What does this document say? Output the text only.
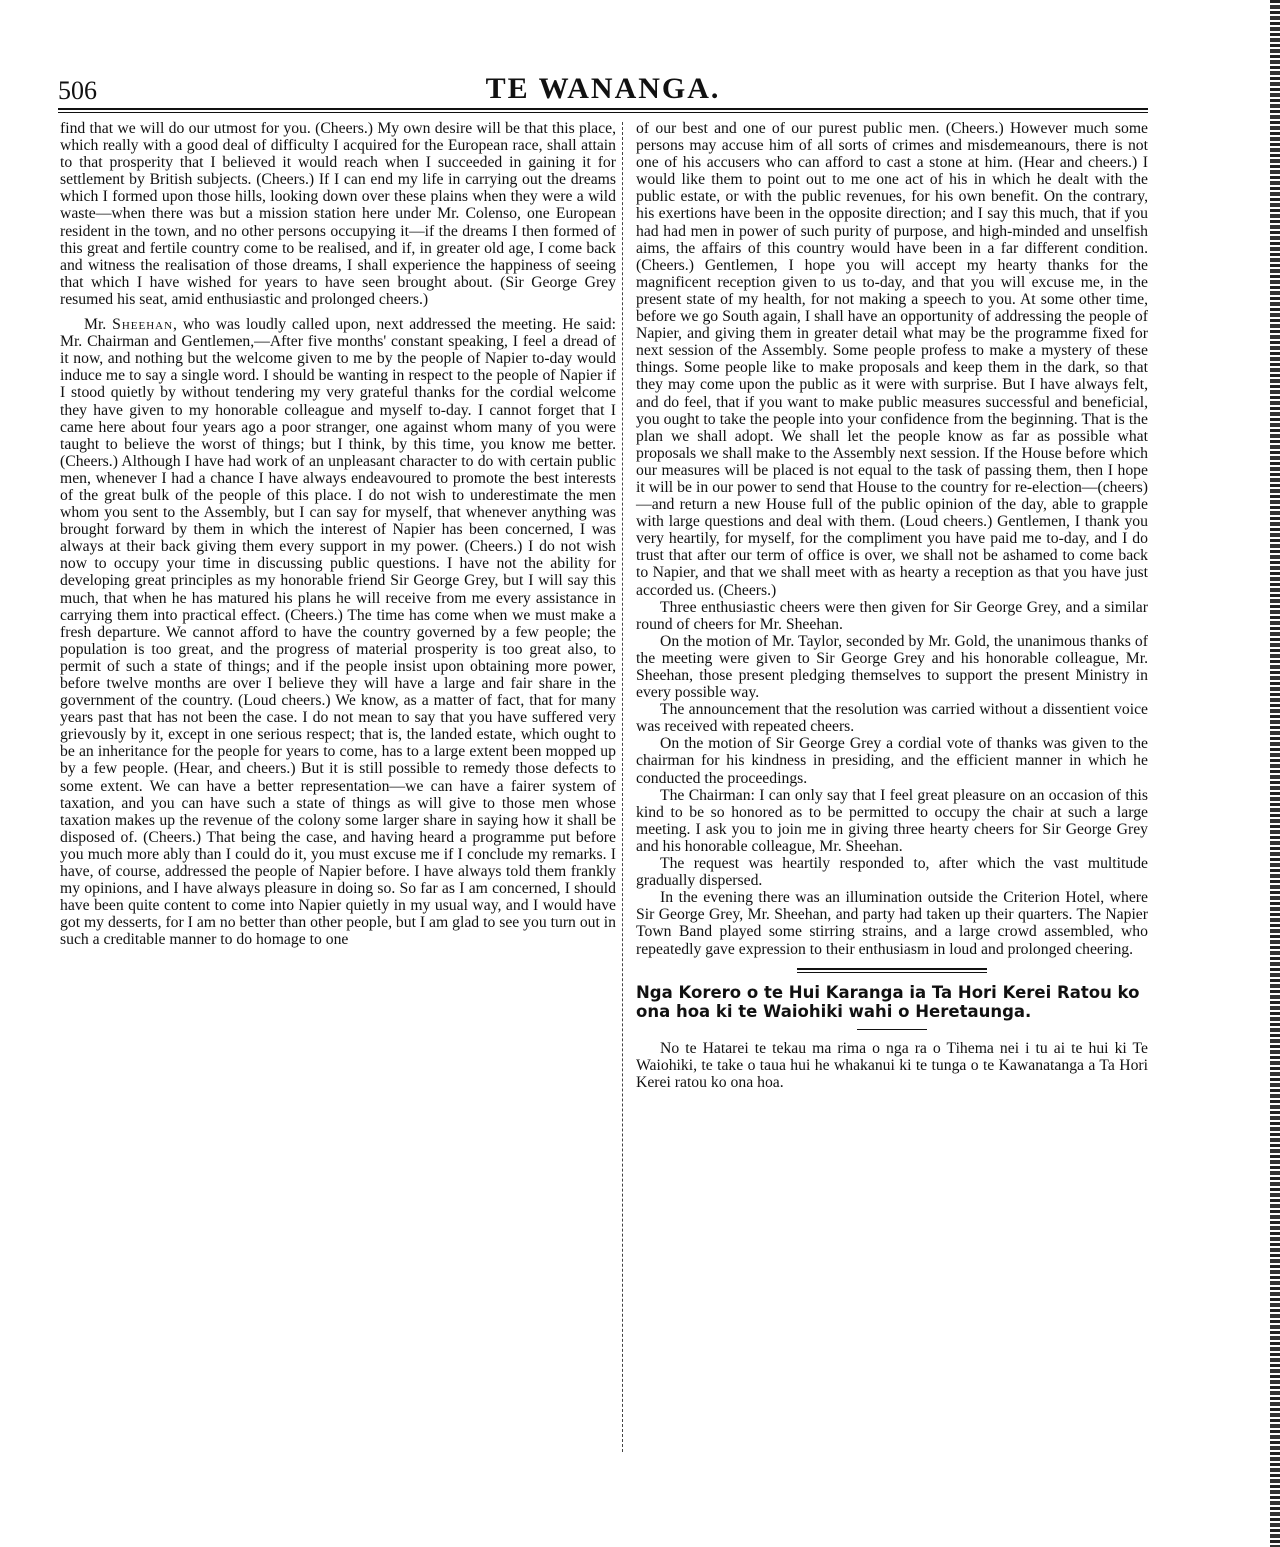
506	TE WANANGA.

find that we will do our utmost for you. (Cheers.) My own desire will be that this place, which really with a good deal of difficulty I acquired for the European race, shall attain to that prosperity that I believed it would reach when I succeeded in gaining it for settlement by British subjects. (Cheers.) If I can end my life in carrying out the dreams which I formed upon those hills, looking down over these plains when they were a wild waste—when there was but a mission station here under Mr. Colenso, one European resident in the town, and no other persons occupying it—if the dreams I then formed of this great and fertile country come to be realised, and if, in greater old age, I come back and witness the realisation of those dreams, I shall experience the happiness of seeing that which I have wished for years to have seen brought about. (Sir George Grey resumed his seat, amid enthusiastic and prolonged cheers.)

Mr. Sheehan, who was loudly called upon, next addressed the meeting. He said: Mr. Chairman and Gentlemen,—After five months' constant speaking, I feel a dread of it now, and nothing but the welcome given to me by the people of Napier to-day would induce me to say a single word. I should be wanting in respect to the people of Napier if I stood quietly by without tendering my very grateful thanks for the cordial welcome they have given to my honorable colleague and myself to-day. I cannot forget that I came here about four years ago a poor stranger, one against whom many of you were taught to believe the worst of things; but I think, by this time, you know me better. (Cheers.) Although I have had work of an unpleasant character to do with certain public men, whenever I had a chance I have always endeavoured to promote the best interests of the great bulk of the people of this place. I do not wish to underestimate the men whom you sent to the Assembly, but I can say for myself, that whenever anything was brought forward by them in which the interest of Napier has been concerned, I was always at their back giving them every support in my power. (Cheers.) I do not wish now to occupy your time in discussing public questions. I have not the ability for developing great principles as my honorable friend Sir George Grey, but I will say this much, that when he has matured his plans he will receive from me every assistance in carrying them into practical effect. (Cheers.) The time has come when we must make a fresh departure. We cannot afford to have the country governed by a few people; the population is too great, and the progress of material prosperity is too great also, to permit of such a state of things; and if the people insist upon obtaining more power, before twelve months are over I believe they will have a large and fair share in the government of the country. (Loud cheers.) We know, as a matter of fact, that for many years past that has not been the case. I do not mean to say that you have suffered very grievously by it, except in one serious respect; that is, the landed estate, which ought to be an inheritance for the people for years to come, has to a large extent been mopped up by a few people. (Hear, and cheers.) But it is still possible to remedy those defects to some extent. We can have a better representation—we can have a fairer system of taxation, and you can have such a state of things as will give to those men whose taxation makes up the revenue of the colony some larger share in saying how it shall be disposed of. (Cheers.) That being the case, and having heard a programme put before you much more ably than I could do it, you must excuse me if I conclude my remarks. I have, of course, addressed the people of Napier before. I have always told them frankly my opinions, and I have always pleasure in doing so. So far as I am concerned, I should have been quite content to come into Napier quietly in my usual way, and I would have got my desserts, for I am no better than other people, but I am glad to see you turn out in such a creditable manner to do homage to one

of our best and one of our purest public men. (Cheers.) However much some persons may accuse him of all sorts of crimes and misdemeanours, there is not one of his accusers who can afford to cast a stone at him. (Hear and cheers.) I would like them to point out to me one act of his in which he dealt with the public estate, or with the public revenues, for his own benefit. On the contrary, his exertions have been in the opposite direction; and I say this much, that if you had had men in power of such purity of purpose, and high-minded and unselfish aims, the affairs of this country would have been in a far different condition. (Cheers.) Gentlemen, I hope you will accept my hearty thanks for the magnificent reception given to us to-day, and that you will excuse me, in the present state of my health, for not making a speech to you. At some other time, before we go South again, I shall have an opportunity of addressing the people of Napier, and giving them in greater detail what may be the programme fixed for next session of the Assembly. Some people profess to make a mystery of these things. Some people like to make proposals and keep them in the dark, so that they may come upon the public as it were with surprise. But I have always felt, and do feel, that if you want to make public measures successful and beneficial, you ought to take the people into your confidence from the beginning. That is the plan we shall adopt. We shall let the people know as far as possible what proposals we shall make to the Assembly next session. If the House before which our measures will be placed is not equal to the task of passing them, then I hope it will be in our power to send that House to the country for re-election—(cheers)—and return a new House full of the public opinion of the day, able to grapple with large questions and deal with them. (Loud cheers.) Gentlemen, I thank you very heartily, for myself, for the compliment you have paid me to-day, and I do trust that after our term of office is over, we shall not be ashamed to come back to Napier, and that we shall meet with as hearty a reception as that you have just accorded us. (Cheers.)

Three enthusiastic cheers were then given for Sir George Grey, and a similar round of cheers for Mr. Sheehan.

On the motion of Mr. Taylor, seconded by Mr. Gold, the unanimous thanks of the meeting were given to Sir George Grey and his honorable colleague, Mr. Sheehan, those present pledging themselves to support the present Ministry in every possible way.

The announcement that the resolution was carried without a dissentient voice was received with repeated cheers.

On the motion of Sir George Grey a cordial vote of thanks was given to the chairman for his kindness in presiding, and the efficient manner in which he conducted the proceedings.

The Chairman: I can only say that I feel great pleasure on an occasion of this kind to be so honored as to be permitted to occupy the chair at such a large meeting. I ask you to join me in giving three hearty cheers for Sir George Grey and his honorable colleague, Mr. Sheehan.

The request was heartily responded to, after which the vast multitude gradually dispersed.

In the evening there was an illumination outside the Criterion Hotel, where Sir George Grey, Mr. Sheehan, and party had taken up their quarters. The Napier Town Band played some stirring strains, and a large crowd assembled, who repeatedly gave expression to their enthusiasm in loud and prolonged cheering.

Nga Korero o te Hui Karanga ia Ta Hori Kerei Ratou ko ona hoa ki te Waiohiki wahi o Heretaunga.

No te Hatarei te tekau ma rima o nga ra o Tihema nei i tu ai te hui ki Te Waiohiki, te take o taua hui he whakanui ki te tunga o te Kawanatanga a Ta Hori Kerei ratou ko ona hoa.
